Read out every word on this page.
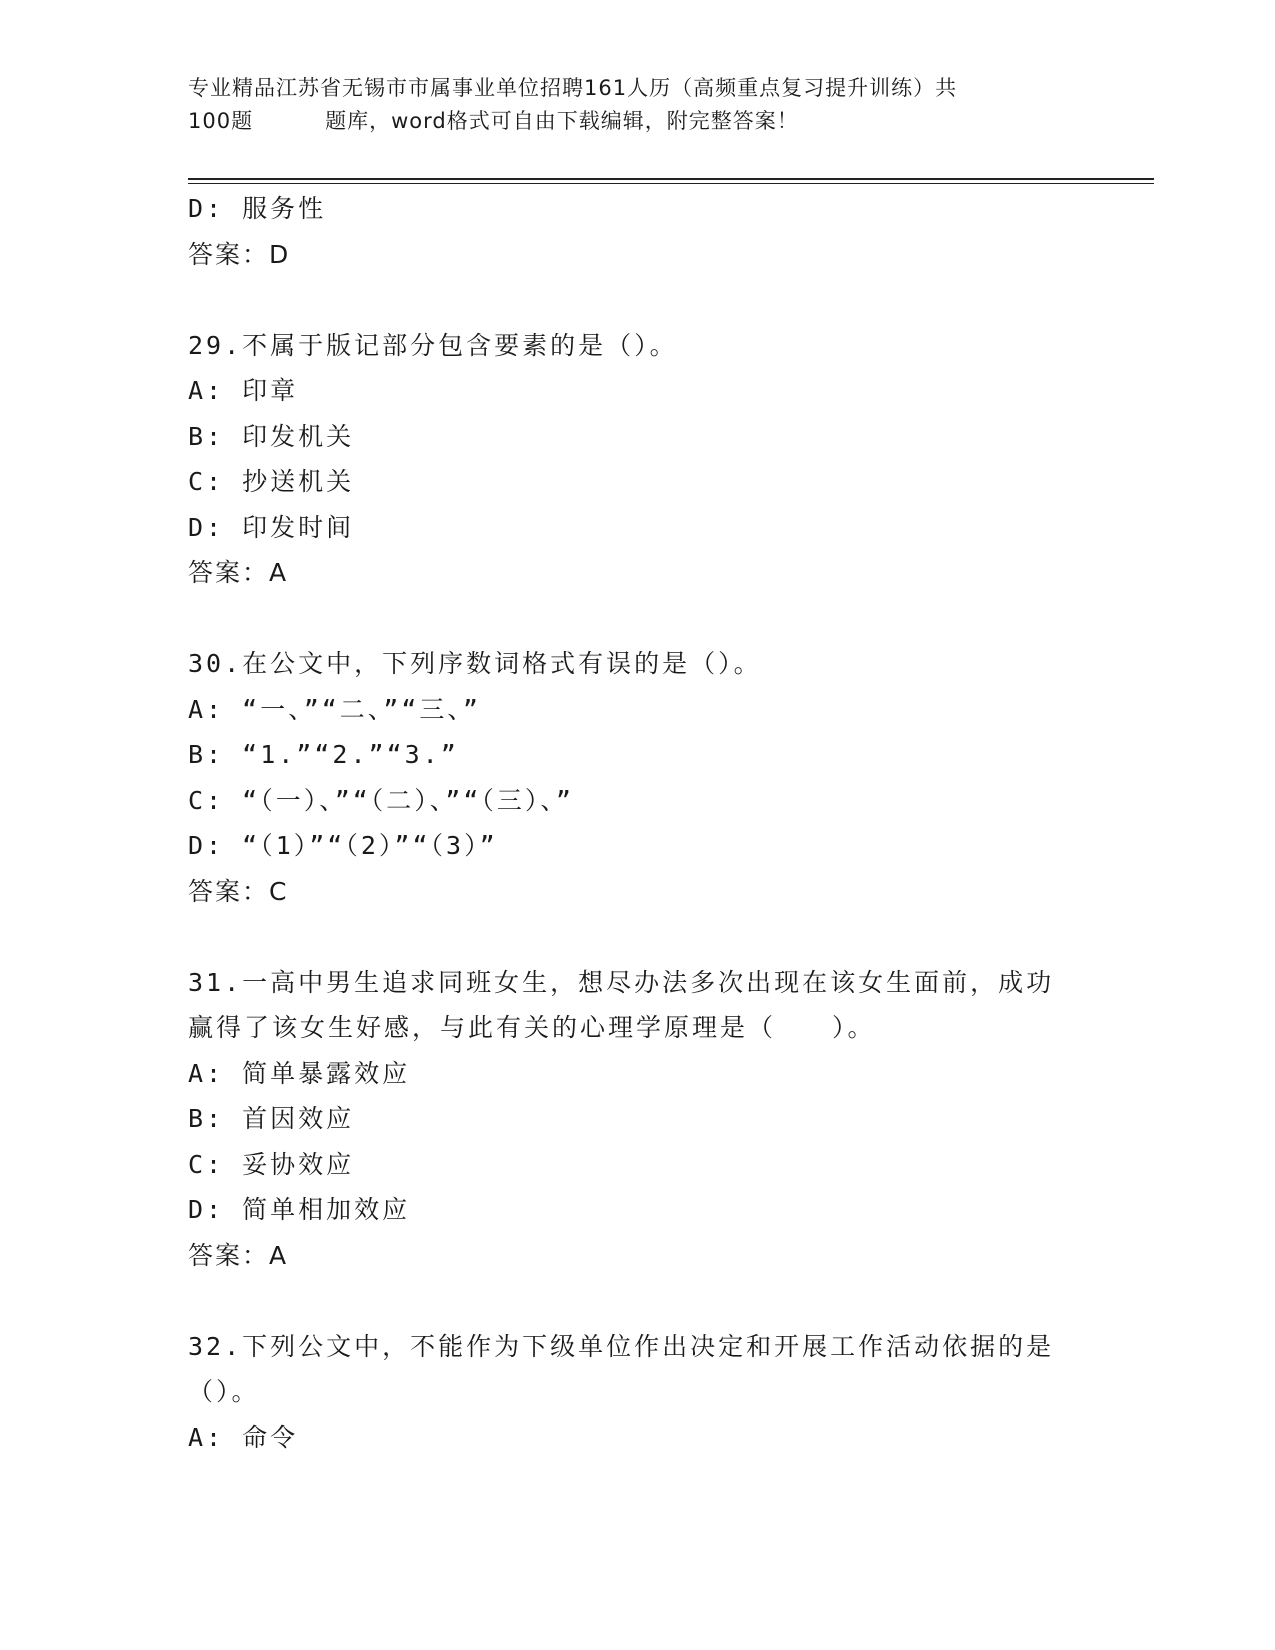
专业精品江苏省无锡市市属事业单位招聘161人历（高频重点复习提升训练）共
100题	题库，word格式可自由下载编辑，附完整答案！
D: 服务性
答案：D
29.不属于版记部分包含要素的是（）。
A: 印章
B: 印发机关
C: 抄送机关
D: 印发时间
答案：A
30.在公文中，下列序数词格式有误的是（）。
A: “一、”“二、”“三、”
B: “1.”“2.”“3.”
C: “（一）、”“（二）、”“（三）、”
D: “（1）”“（2）”“（3）”
答案：C
31.一高中男生追求同班女生，想尽办法多次出现在该女生面前，成功
赢得了该女生好感，与此有关的心理学原理是（　　）。
A: 简单暴露效应
B: 首因效应
C: 妥协效应
D: 简单相加效应
答案：A
32.下列公文中，不能作为下级单位作出决定和开展工作活动依据的是
（）。
A: 命令
